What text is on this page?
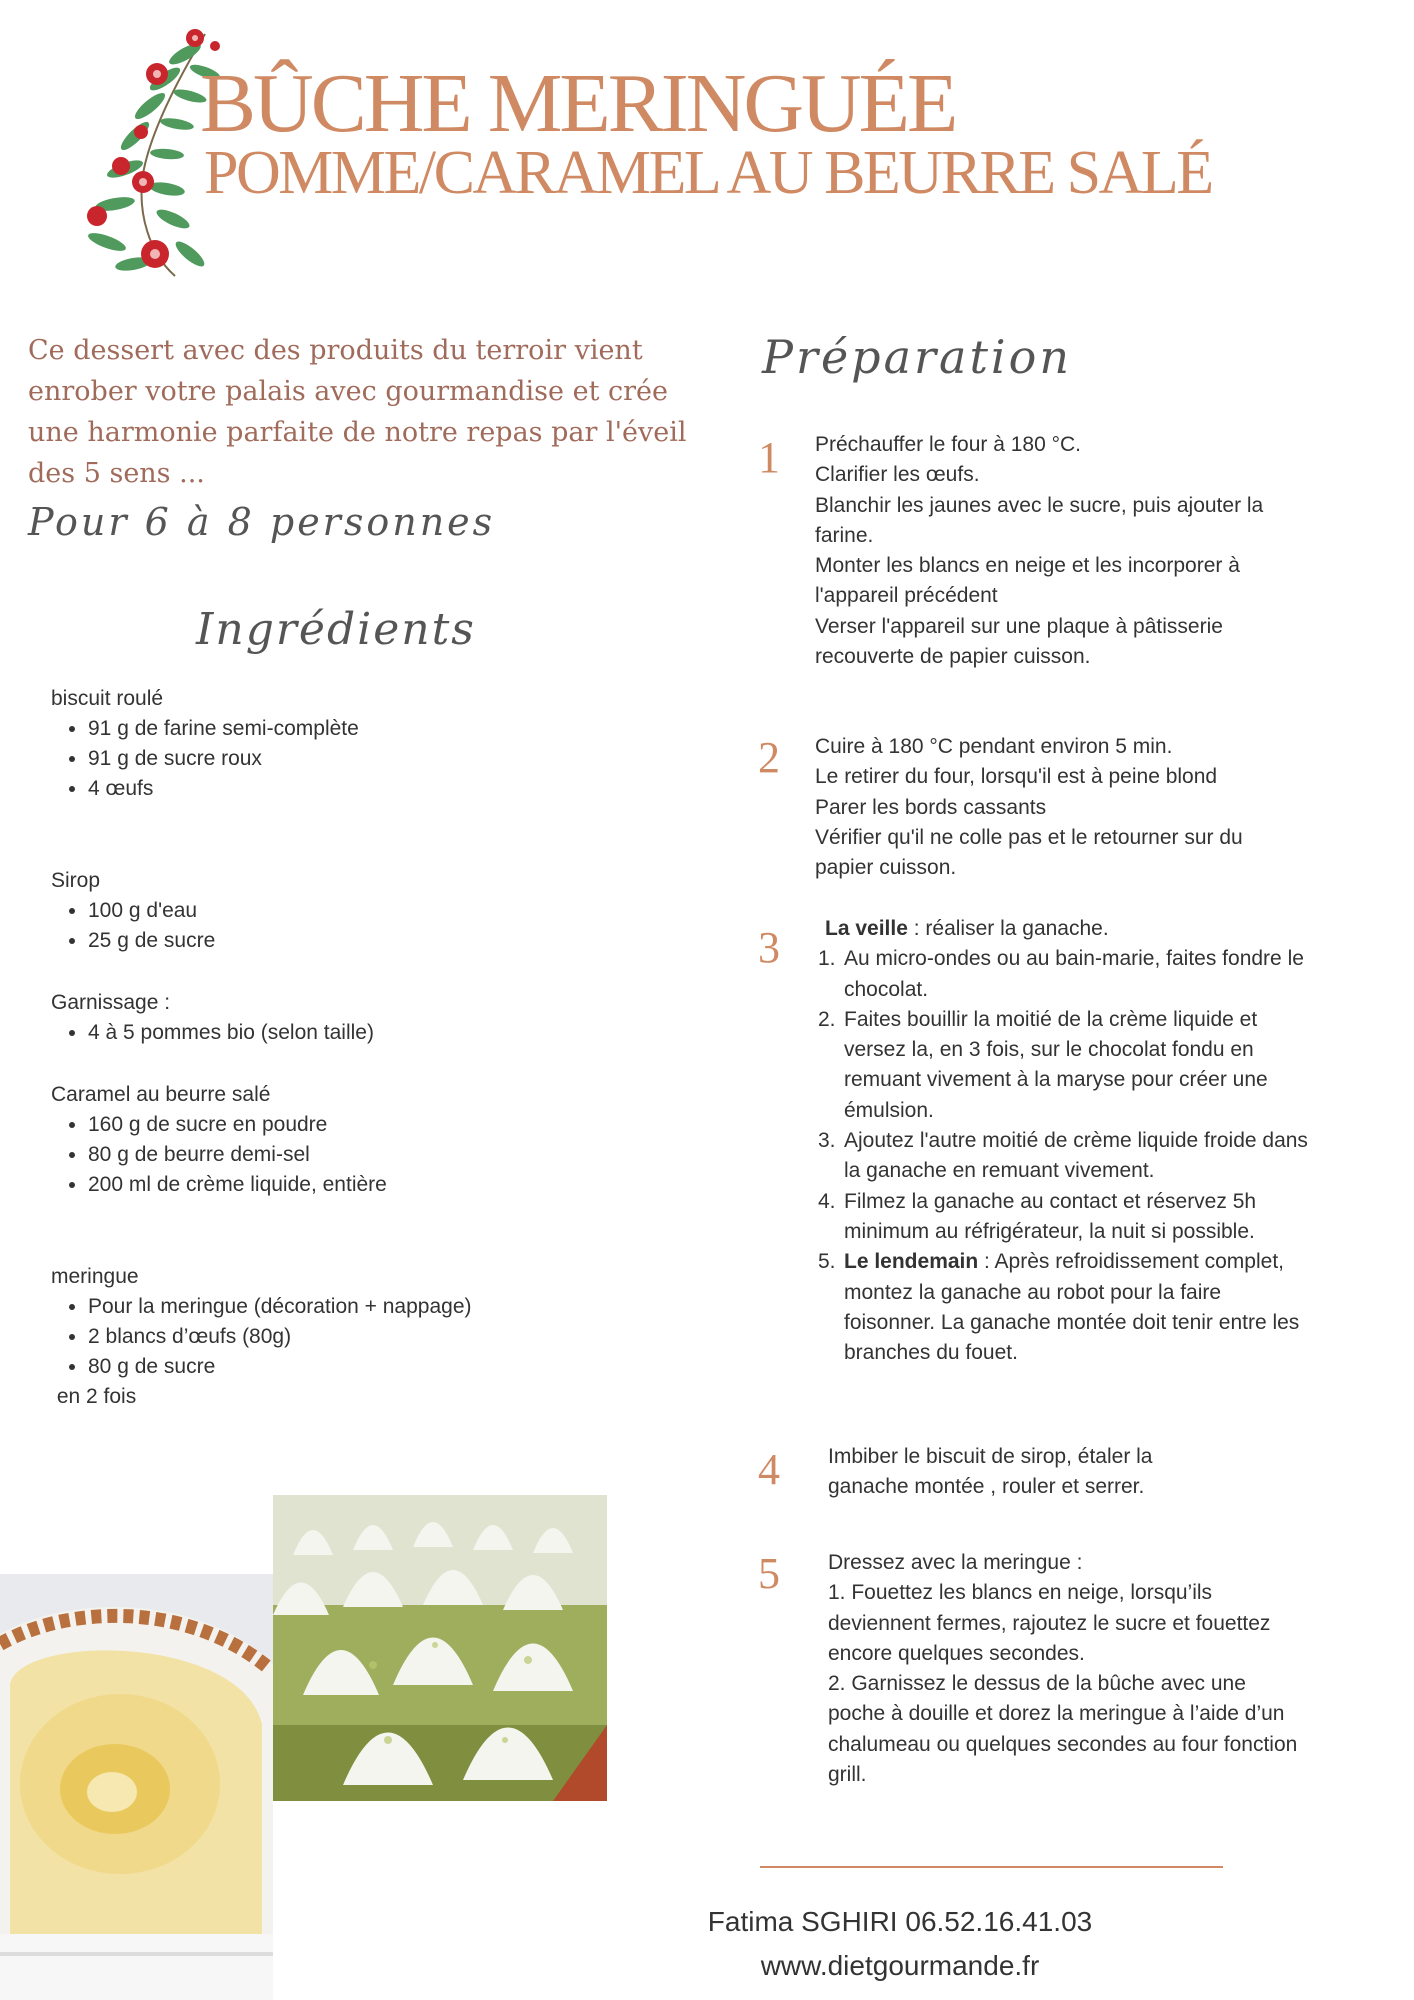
BÛCHE MERINGUÉE
POMME/CARAMEL AU BEURRE SALÉ
Ce dessert avec des produits du terroir vient enrober votre palais avec gourmandise et crée une harmonie parfaite de notre repas par l'éveil des 5 sens ...
Pour 6 à 8 personnes
Ingrédients
Préparation
biscuit roulé
• 91 g de farine semi-complète
• 91 g de sucre roux
• 4 œufs
Sirop
• 100 g d'eau
• 25 g de sucre
Garnissage :
• 4 à 5 pommes bio (selon taille)
Caramel au beurre salé
• 160 g de sucre en poudre
• 80 g de beurre demi-sel
• 200 ml de crème liquide, entière
meringue
• Pour la meringue (décoration + nappage)
• 2 blancs d’œufs (80g)
• 80 g de sucre
en 2 fois
1 Préchauffer le four à 180 °C.

Clarifier les œufs.

Blanchir les jaunes avec le sucre, puis ajouter la farine.

Monter les blancs en neige et les incorporer à l'appareil précédent

Verser l'appareil sur une plaque à pâtisserie recouverte de papier cuisson.

2 Cuire à 180 °C pendant environ 5 min.

Le retirer du four, lorsqu'il est à peine blond

Parer les bords cassants

Vérifier qu'il ne colle pas et le retourner sur du papier cuisson.

3	La veille : réaliser la ganache.

1. Au micro-ondes ou au bain-marie, faites fondre le chocolat.
2. Faites bouillir la moitié de la crème liquide et versez la, en 3 fois, sur le chocolat fondu en remuant vivement à la maryse pour créer une émulsion.
3. Ajoutez l'autre moitié de crème liquide froide dans la ganache en remuant vivement.
4. Filmez la ganache au contact et réservez 5h minimum au réfrigérateur, la nuit si possible.
5. Le lendemain : Après refroidissement complet, montez la ganache au robot pour la faire foisonner. La ganache montée doit tenir entre les branches du fouet.
4 Imbiber le biscuit de sirop, étaler la ganache montée , rouler et serrer.

5 Dressez avec la meringue :

1. Fouettez les blancs en neige, lorsqu’ils deviennent fermes, rajoutez le sucre et fouettez encore quelques secondes.

2. Garnissez le dessus de la bûche avec une poche à douille et dorez la meringue à l’aide d’un chalumeau ou quelques secondes au four fonction grill.

Fatima SGHIRI 06.52.16.41.03
www.dietgourmande.fr
